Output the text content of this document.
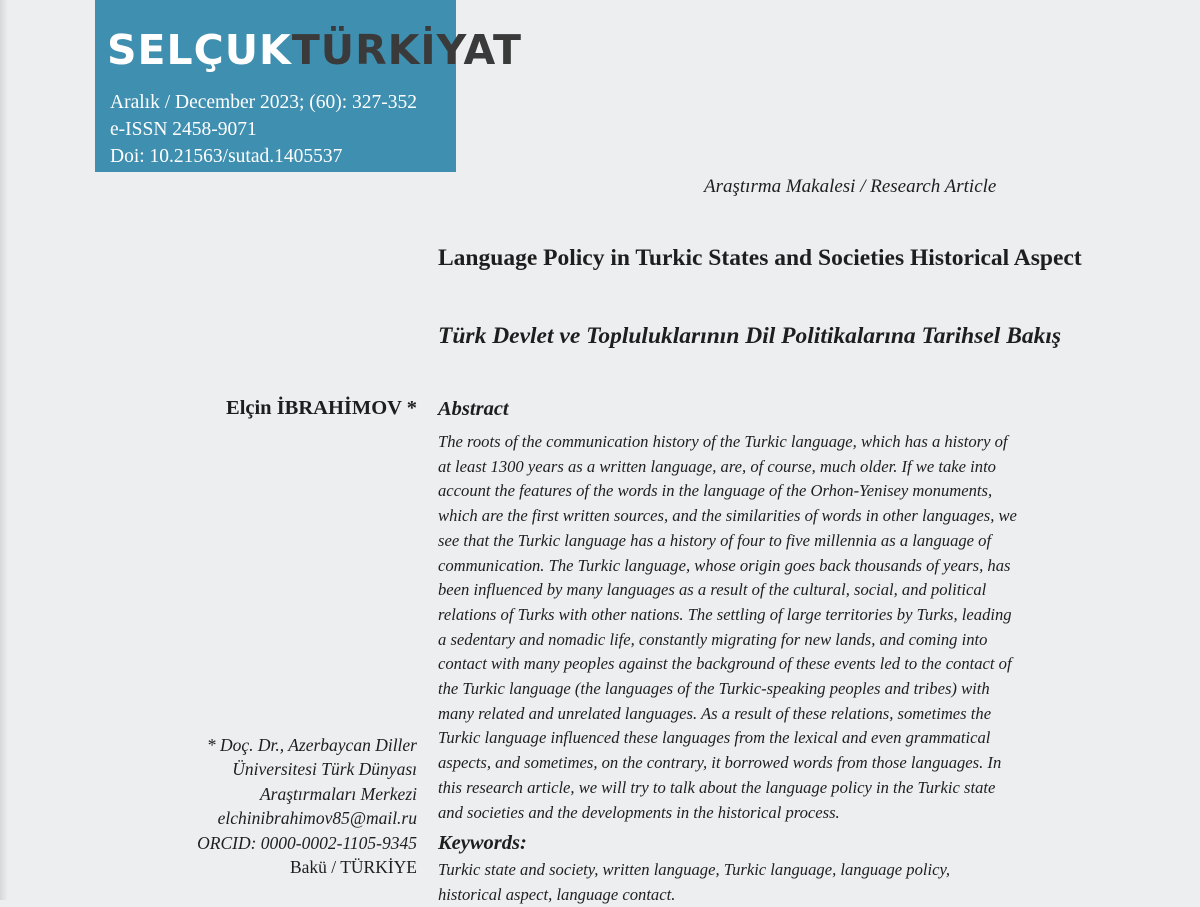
SELÇUKTÜRKİYAT
Aralık / December 2023; (60): 327-352
e-ISSN 2458-9071
Doi: 10.21563/sutad.1405537
Araştırma Makalesi / Research Article
Language Policy in Turkic States and Societies Historical Aspect
Türk Devlet ve Topluluklarının Dil Politikalarına Tarihsel Bakış
Elçin İBRAHİMOV * Abstract
The roots of the communication history of the Turkic language, which has a history of
at least 1300 years as a written language, are, of course, much older. If we take into
account the features of the words in the language of the Orhon-Yenisey monuments,
which are the first written sources, and the similarities of words in other languages, we
see that the Turkic language has a history of four to five millennia as a language of
communication. The Turkic language, whose origin goes back thousands of years, has
been influenced by many languages as a result of the cultural, social, and political
relations of Turks with other nations. The settling of large territories by Turks, leading
a sedentary and nomadic life, constantly migrating for new lands, and coming into
contact with many peoples against the background of these events led to the contact of
the Turkic language (the languages of the Turkic-speaking peoples and tribes) with
many related and unrelated languages. As a result of these relations, sometimes the
Turkic language influenced these languages from the lexical and even grammatical
aspects, and sometimes, on the contrary, it borrowed words from those languages. In
this research article, we will try to talk about the language policy in the Turkic state
and societies and the developments in the historical process.
* Doç. Dr., Azerbaycan Diller
Üniversitesi Türk Dünyası
Araştırmaları Merkezi
elchinibrahimov85@mail.ru
ORCID: 0000-0002-1105-9345
Bakü / TÜRKİYE
Keywords:
Turkic state and society, written language, Turkic language, language policy,
historical aspect, language contact.
